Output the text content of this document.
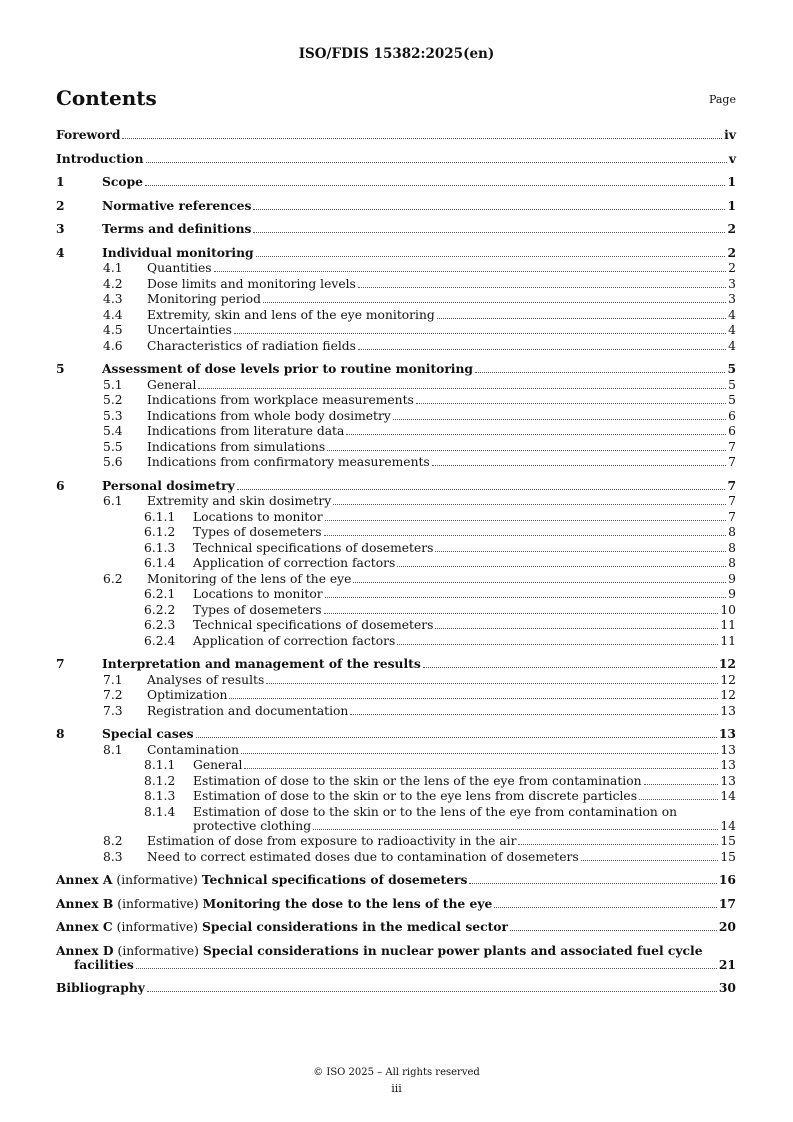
ISO/FDIS 15382:2025(en)
Contents	Page
Foreword	iv
Introduction	v
1	Scope	1
2	Normative references	1
3	Terms and definitions	2
4	Individual monitoring	2
4.1	Quantities	2
4.2	Dose limits and monitoring levels	3
4.3	Monitoring period	3
4.4	Extremity, skin and lens of the eye monitoring	4
4.5	Uncertainties	4
4.6	Characteristics of radiation fields	4
5	Assessment of dose levels prior to routine monitoring	5
5.1	General	5
5.2	Indications from workplace measurements	5
5.3	Indications from whole body dosimetry	6
5.4	Indications from literature data	6
5.5	Indications from simulations	7
5.6	Indications from confirmatory measurements	7
6	Personal dosimetry	7
6.1	Extremity and skin dosimetry	7
6.1.1	Locations to monitor	7
6.1.2	Types of dosemeters	8
6.1.3	Technical specifications of dosemeters	8
6.1.4	Application of correction factors	8
6.2	Monitoring of the lens of the eye	9
6.2.1	Locations to monitor	9
6.2.2	Types of dosemeters	10
6.2.3	Technical specifications of dosemeters	11
6.2.4	Application of correction factors	11
7	Interpretation and management of the results	12
7.1	Analyses of results	12
7.2	Optimization	12
7.3	Registration and documentation	13
8	Special cases	13
8.1	Contamination	13
8.1.1	General	13
8.1.2	Estimation of dose to the skin or the lens of the eye from contamination	13
8.1.3	Estimation of dose to the skin or to the eye lens from discrete particles	14
8.1.4	Estimation of dose to the skin or to the lens of the eye from contamination on
protective clothing	14
8.2	Estimation of dose from exposure to radioactivity in the air	15
8.3	Need to correct estimated doses due to contamination of dosemeters	15
Annex A (informative) Technical specifications of dosemeters	16
Annex B (informative) Monitoring the dose to the lens of the eye	17
Annex C (informative) Special considerations in the medical sector	20
Annex D (informative) Special considerations in nuclear power plants and associated fuel cycle
facilities	21
Bibliography	30
© ISO 2025 – All rights reserved
iii
